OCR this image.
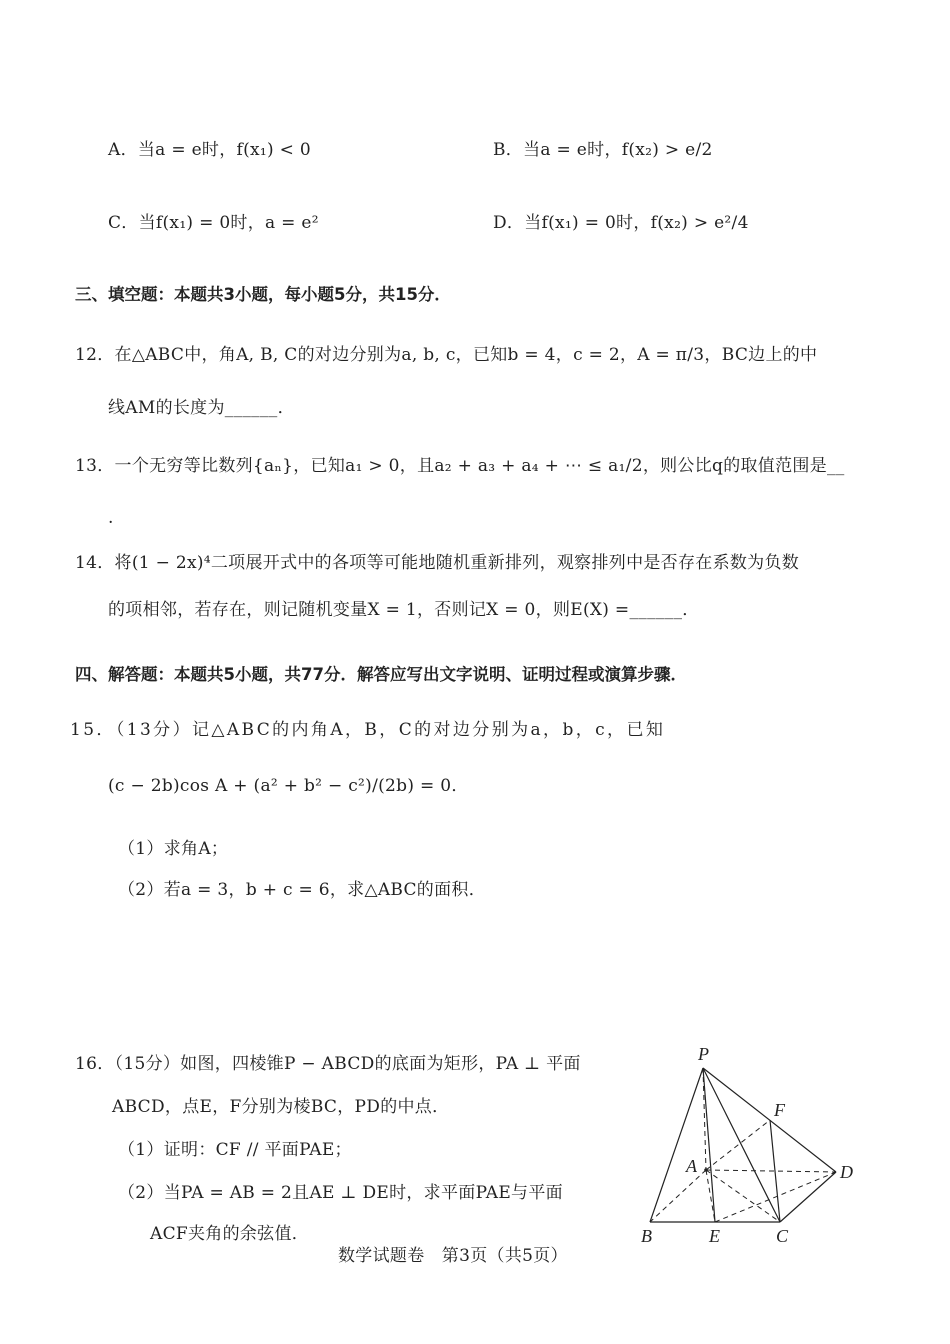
A．当a = e时，f(x₁) < 0	B．当a = e时，f(x₂) > e/2
C．当f(x₁) = 0时，a = e²	D．当f(x₁) = 0时，f(x₂) > e²/4
三、填空题：本题共3小题，每小题5分，共15分．
12．在△ABC中，角A, B, C的对边分别为a, b, c，已知b = 4，c = 2，A = π/3，BC边上的中
线AM的长度为______．
13．一个无穷等比数列{aₙ}，已知a₁ > 0，且a₂ + a₃ + a₄ + ⋯ ≤ a₁/2，则公比q的取值范围是__
.
14．将(1 − 2x)⁴二项展开式中的各项等可能地随机重新排列，观察排列中是否存在系数为负数
的项相邻，若存在，则记随机变量X = 1，否则记X = 0，则E(X) =______．
四、解答题：本题共5小题，共77分．解答应写出文字说明、证明过程或演算步骤．
15．（13分）记△ABC的内角A，B，C的对边分别为a，b，c，已知
(c − 2b)cos A + (a² + b² − c²)/(2b) = 0．
（1）求角A；
（2）若a = 3，b + c = 6，求△ABC的面积．
16．（15分）如图，四棱锥P − ABCD的底面为矩形，PA ⊥ 平面
ABCD，点E，F分别为棱BC，PD的中点．
（1）证明：CF // 平面PAE；
（2）当PA = AB = 2且AE ⊥ DE时，求平面PAE与平面
ACF夹角的余弦值．
P
F
A	D
B	E	C
数学试题卷　第3页（共5页）
